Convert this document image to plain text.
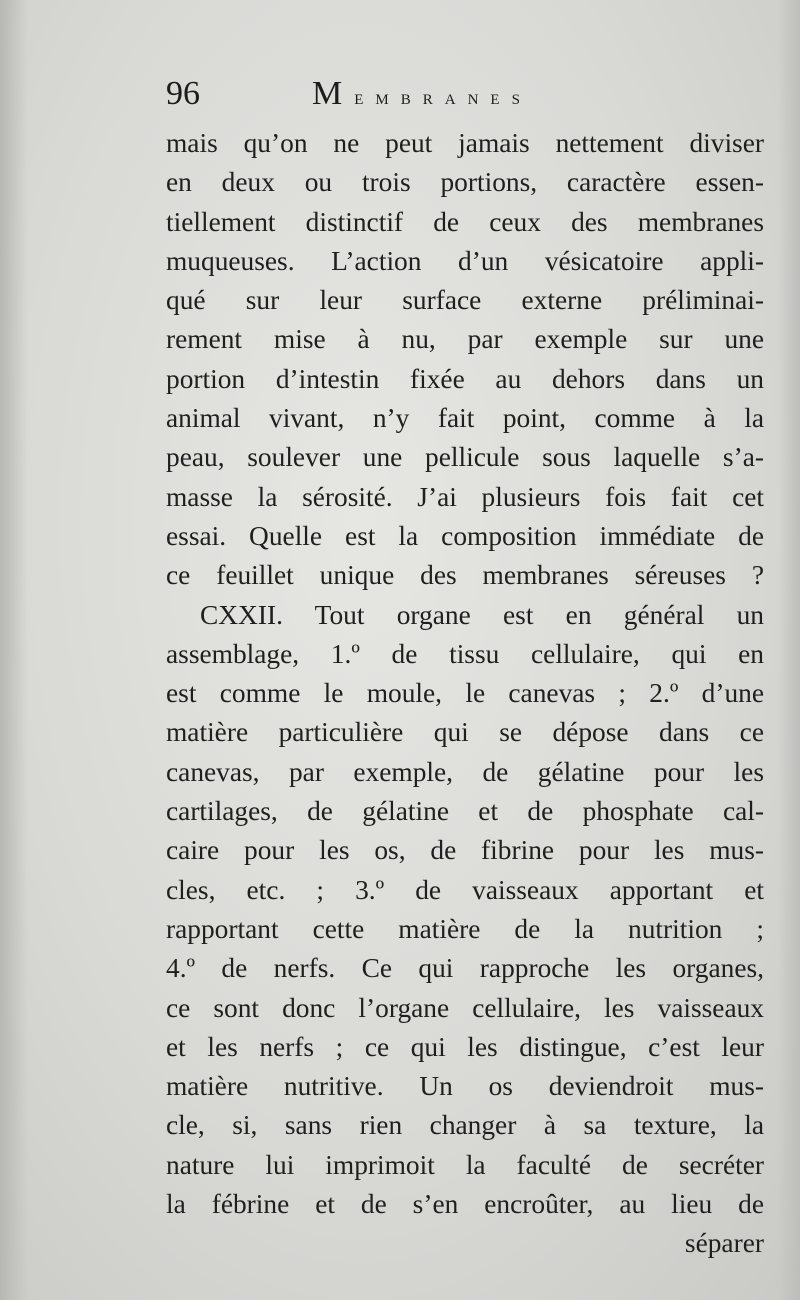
96	membranes
mais qu’on ne peut jamais nettement diviser
en deux ou trois portions, caractère essen-
tiellement distinctif de ceux des membranes
muqueuses. L’action d’un vésicatoire appli-
qué sur leur surface externe préliminai-
rement mise à nu, par exemple sur une
portion d’intestin fixée au dehors dans un
animal vivant, n’y fait point, comme à la
peau, soulever une pellicule sous laquelle s’a-
masse la sérosité. J’ai plusieurs fois fait cet
essai. Quelle est la composition immédiate de
ce feuillet unique des membranes séreuses ?
CXXII. Tout organe est en général un
assemblage, 1.º de tissu cellulaire, qui en
est comme le moule, le canevas ; 2.º d’une
matière particulière qui se dépose dans ce
canevas, par exemple, de gélatine pour les
cartilages, de gélatine et de phosphate cal-
caire pour les os, de fibrine pour les mus-
cles, etc. ; 3.º de vaisseaux apportant et
rapportant cette matière de la nutrition ;
4.º de nerfs. Ce qui rapproche les organes,
ce sont donc l’organe cellulaire, les vaisseaux
et les nerfs ; ce qui les distingue, c’est leur
matière nutritive. Un os deviendroit mus-
cle, si, sans rien changer à sa texture, la
nature lui imprimoit la faculté de secréter
la fébrine et de s’en encroûter, au lieu de
séparer
